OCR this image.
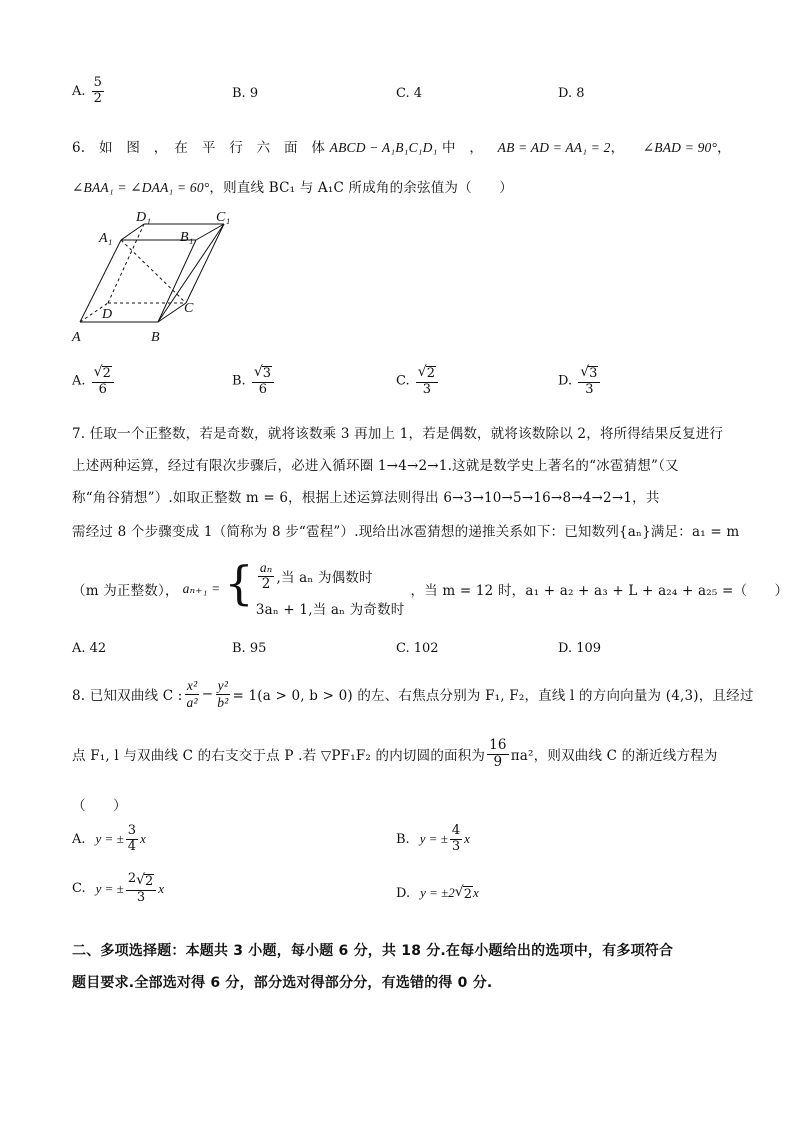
A. $\frac{5}{2}$	B. 9	C. 4	D. 8
6.　如　图　，　在　平　行　六　面　体 ABCD − A₁B₁C₁D₁ 中　， AB = AD = AA₁ = 2， ∠BAD = 90°，
∠BAA₁ = ∠DAA₁ = 60°，则直线 BC₁ 与 A₁C 所成角的余弦值为（　　）
D₁	C₁
A₁	B₁
D	C
A	B
A. $\frac{√ 2}{6}$	B. $\frac{√ 3}{6}$	C. $\frac{√ 2}{3}$	D. $\frac{√ 3}{3}$
7. 任取一个正整数，若是奇数，就将该数乘 3 再加上 1，若是偶数，就将该数除以 2，将所得结果反复进行
上述两种运算，经过有限次步骤后，必进入循环圈 1→4→2→1.这就是数学史上著名的“冰雹猜想”（又
称“角谷猜想”）.如取正整数 m = 6，根据上述运算法则得出 6→3→10→5→16→8→4→2→1，共
需经过 8 个步骤变成 1（简称为 8 步“雹程”）.现给出冰雹猜想的递推关系如下：已知数列{aₙ}满足：a₁ = m
（m 为正整数）， aₙ₊₁ = { $\frac{\text{aₙ}}{2}$ ,当 aₙ 为偶数时
3aₙ + 1,当 aₙ 为奇数时
，当 m = 12 时，a₁ + a₂ + a₃ + L + a₂₄ + a₂₅ =（　　）
A. 42	B. 95	C. 102	D. 109
8. 已知双曲线 C : $\frac{\text{x²}}{\text{a²}} - \frac{\text{y²}}{\text{b²}} = 1(a > 0$, b > 0) 的左、右焦点分别为 F₁, F₂，直线 l 的方向向量为 (4,3)，且经过
点 F₁, l 与双曲线 C 的右支交于点 P .若 ▽PF₁F₂ 的内切圆的面积为 $\frac{16}{9} \pi a^2$，则双曲线 C 的渐近线方程为
（　　）
A. y = ± $\frac{3}{4}$ x	B. y = ± $\frac{4}{3}$ x
C. y = ± $\frac{2 √ 2}{3}$ x	D. y = ±2 √ 2 x
二、多项选择题：本题共 3 小题，每小题 6 分，共 18 分.在每小题给出的选项中，有多项符合
题目要求.全部选对得 6 分，部分选对得部分分，有选错的得 0 分.
